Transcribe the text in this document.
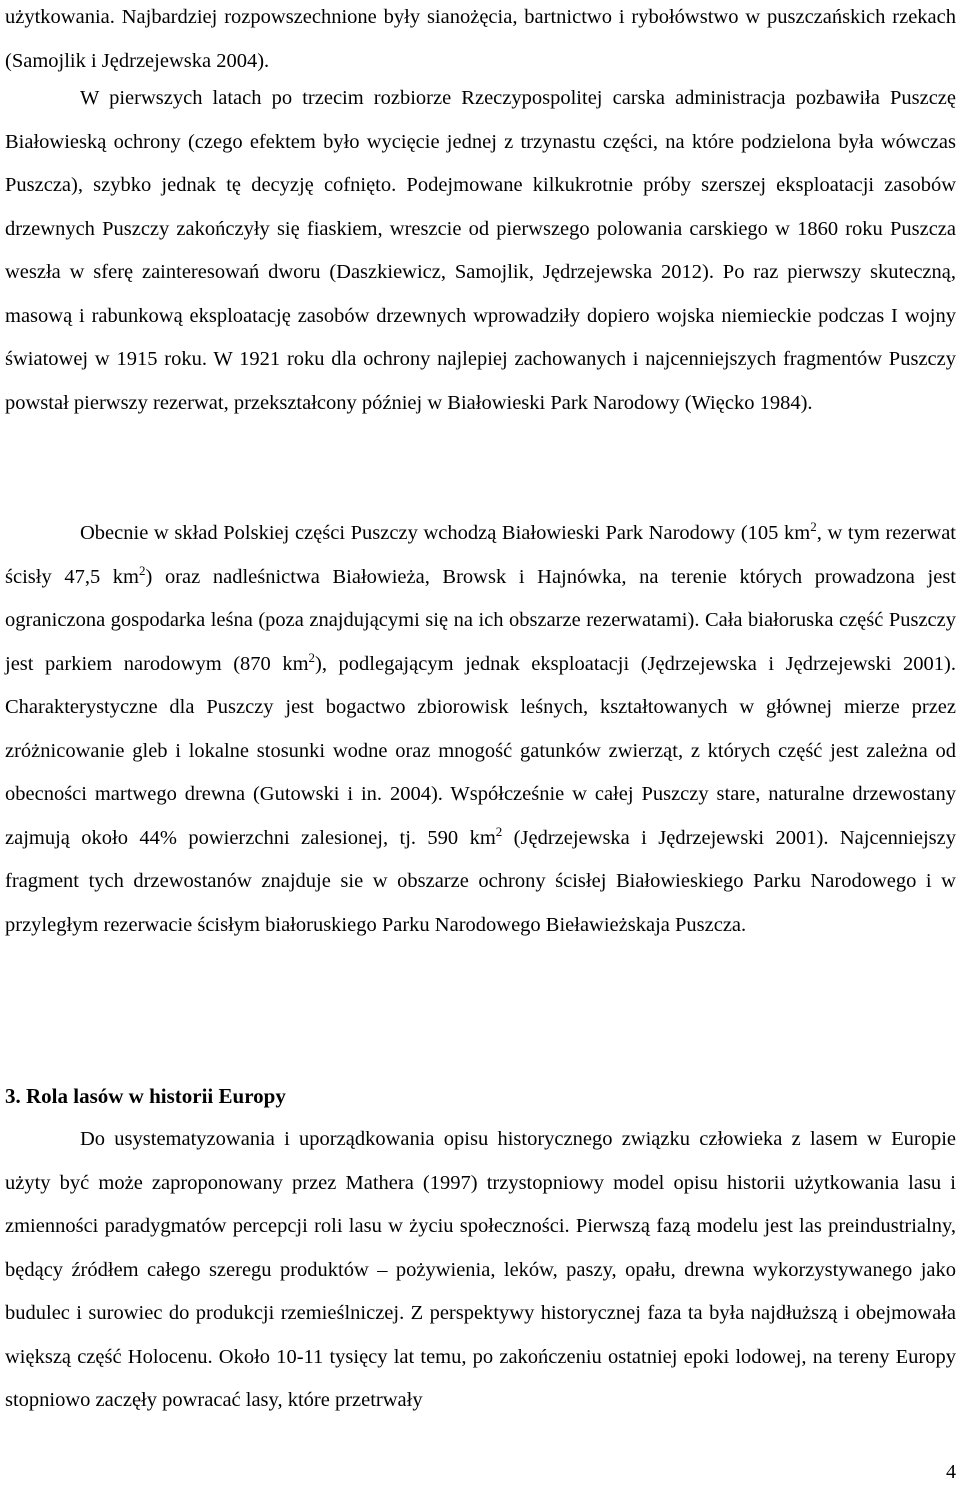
użytkowania. Najbardziej rozpowszechnione były sianożęcia, bartnictwo i rybołówstwo w puszczańskich rzekach (Samojlik i Jędrzejewska 2004).

W pierwszych latach po trzecim rozbiorze Rzeczypospolitej carska administracja pozbawiła Puszczę Białowieską ochrony (czego efektem było wycięcie jednej z trzynastu części, na które podzielona była wówczas Puszcza), szybko jednak tę decyzję cofnięto. Podejmowane kilkukrotnie próby szerszej eksploatacji zasobów drzewnych Puszczy zakończyły się fiaskiem, wreszcie od pierwszego polowania carskiego w 1860 roku Puszcza weszła w sferę zainteresowań dworu (Daszkiewicz, Samojlik, Jędrzejewska 2012). Po raz pierwszy skuteczną, masową i rabunkową eksploatację zasobów drzewnych wprowadziły dopiero wojska niemieckie podczas I wojny światowej w 1915 roku. W 1921 roku dla ochrony najlepiej zachowanych i najcenniejszych fragmentów Puszczy powstał pierwszy rezerwat, przekształcony później w Białowieski Park Narodowy (Więcko 1984).

Obecnie w skład Polskiej części Puszczy wchodzą Białowieski Park Narodowy (105 $km^2$, w tym rezerwat ścisły 47,5 $km^2$) oraz nadleśnictwa Białowieża, Browsk i Hajnówka, na terenie których prowadzona jest ograniczona gospodarka leśna (poza znajdującymi się na ich obszarze rezerwatami). Cała białoruska część Puszczy jest parkiem narodowym (870 $km^2$), podlegającym jednak eksploatacji (Jędrzejewska i Jędrzejewski 2001). Charakterystyczne dla Puszczy jest bogactwo zbiorowisk leśnych, kształtowanych w głównej mierze przez zróżnicowanie gleb i lokalne stosunki wodne oraz mnogość gatunków zwierząt, z których część jest zależna od obecności martwego drewna (Gutowski i in. 2004). Współcześnie w całej Puszczy stare, naturalne drzewostany zajmują około 44% powierzchni zalesionej, tj. 590 $km^2$ (Jędrzejewska i Jędrzejewski 2001). Najcenniejszy fragment tych drzewostanów znajduje sie w obszarze ochrony ścisłej Białowieskiego Parku Narodowego i w przyległym rezerwacie ścisłym białoruskiego Parku Narodowego Bieławieżskaja Puszcza.

3. Rola lasów w historii Europy

Do usystematyzowania i uporządkowania opisu historycznego związku człowieka z lasem w Europie użyty być może zaproponowany przez Mathera (1997) trzystopniowy model opisu historii użytkowania lasu i zmienności paradygmatów percepcji roli lasu w życiu społeczności. Pierwszą fazą modelu jest las preindustrialny, będący źródłem całego szeregu produktów – pożywienia, leków, paszy, opału, drewna wykorzystywanego jako budulec i surowiec do produkcji rzemieślniczej. Z perspektywy historycznej faza ta była najdłuższą i obejmowała większą część Holocenu. Około 10-11 tysięcy lat temu, po zakończeniu ostatniej epoki lodowej, na tereny Europy stopniowo zaczęły powracać lasy, które przetrwały

4
